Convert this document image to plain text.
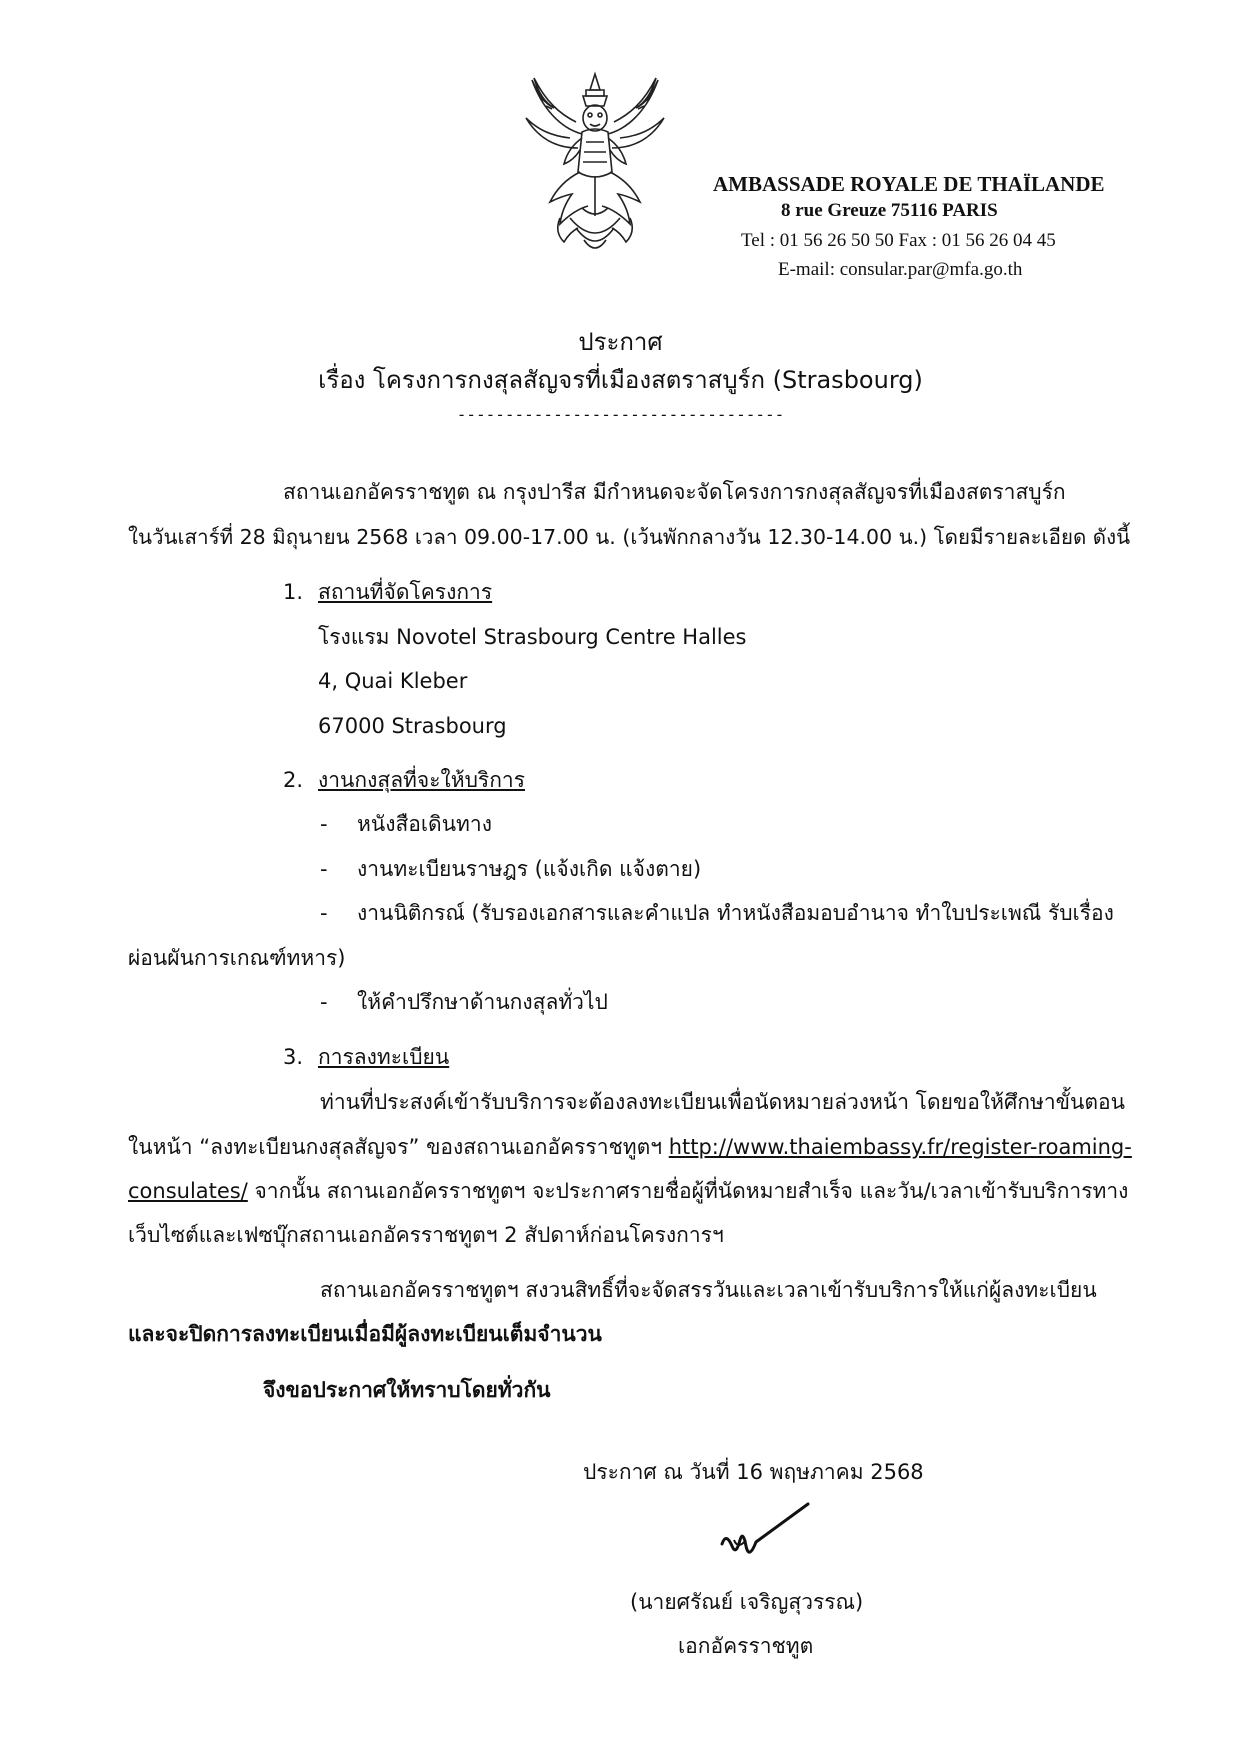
AMBASSADE ROYALE DE THAÏLANDE
8 rue Greuze 75116 PARIS
Tel : 01 56 26 50 50 Fax : 01 56 26 04 45
E-mail: consular.par@mfa.go.th
ประกาศ
เรื่อง โครงการกงสุลสัญจรที่เมืองสตราสบูร์ก (Strasbourg)
----------------------------------
สถานเอกอัครราชทูต ณ กรุงปารีส มีกำหนดจะจัดโครงการกงสุลสัญจรที่เมืองสตราสบูร์ก
ในวันเสาร์ที่ 28 มิถุนายน 2568 เวลา 09.00-17.00 น. (เว้นพักกลางวัน 12.30-14.00 น.) โดยมีรายละเอียด ดังนี้
1. สถานที่จัดโครงการ
โรงแรม Novotel Strasbourg Centre Halles
4, Quai Kleber
67000 Strasbourg
2. งานกงสุลที่จะให้บริการ
- หนังสือเดินทาง
- งานทะเบียนราษฎร (แจ้งเกิด แจ้งตาย)
- งานนิติกรณ์ (รับรองเอกสารและคำแปล ทำหนังสือมอบอำนาจ ทำใบประเพณี รับเรื่อง
ผ่อนผันการเกณฑ์ทหาร)
- ให้คำปรึกษาด้านกงสุลทั่วไป
3. การลงทะเบียน
ท่านที่ประสงค์เข้ารับบริการจะต้องลงทะเบียนเพื่อนัดหมายล่วงหน้า โดยขอให้ศึกษาขั้นตอน
ในหน้า “ลงทะเบียนกงสุลสัญจร” ของสถานเอกอัครราชทูตฯ http://www.thaiembassy.fr/register-roaming-
consulates/ จากนั้น สถานเอกอัครราชทูตฯ จะประกาศรายชื่อผู้ที่นัดหมายสำเร็จ และวัน/เวลาเข้ารับบริการทาง
เว็บไซต์และเฟซบุ๊กสถานเอกอัครราชทูตฯ 2 สัปดาห์ก่อนโครงการฯ
สถานเอกอัครราชทูตฯ สงวนสิทธิ์ที่จะจัดสรรวันและเวลาเข้ารับบริการให้แก่ผู้ลงทะเบียน
และจะปิดการลงทะเบียนเมื่อมีผู้ลงทะเบียนเต็มจำนวน
จึงขอประกาศให้ทราบโดยทั่วกัน
ประกาศ ณ วันที่ 16 พฤษภาคม 2568
(นายศรัณย์ เจริญสุวรรณ)
เอกอัครราชทูต
